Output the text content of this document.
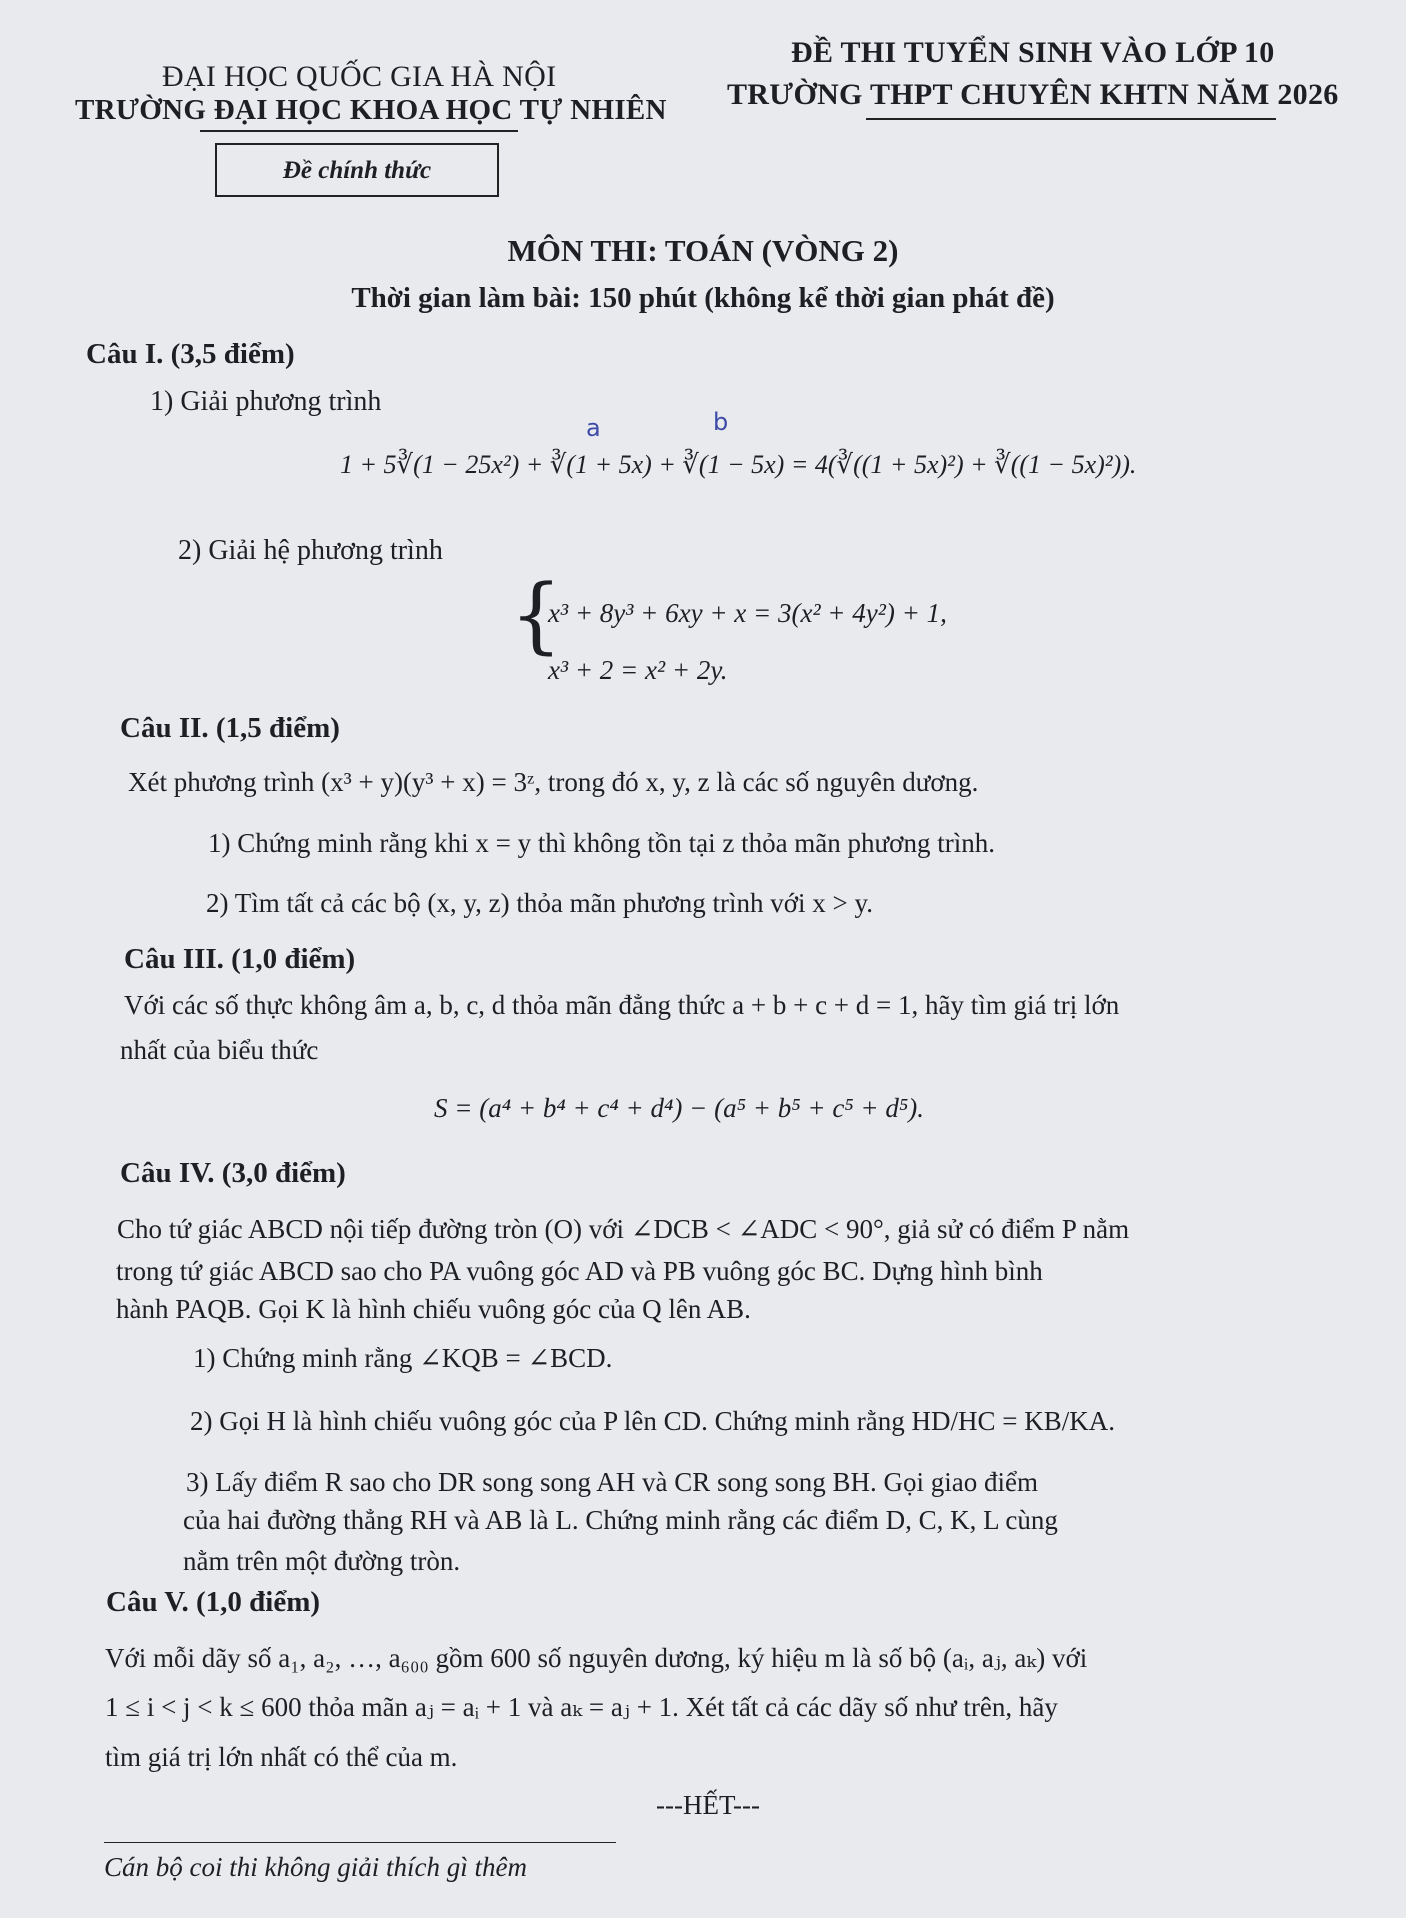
ĐẠI HỌC QUỐC GIA HÀ NỘI
TRƯỜNG ĐẠI HỌC KHOA HỌC TỰ NHIÊN
ĐỀ THI TUYỂN SINH VÀO LỚP 10
TRƯỜNG THPT CHUYÊN KHTN NĂM 2026
Đề chính thức
MÔN THI: TOÁN (VÒNG 2)
Thời gian làm bài: 150 phút (không kể thời gian phát đề)
Câu I. (3,5 điểm)
1) Giải phương trình
a	b
1 + 5∛(1 − 25x²) + ∛(1 + 5x) + ∛(1 − 5x) = 4(∛((1 + 5x)²) + ∛((1 − 5x)²)).
2) Giải hệ phương trình
{
x³ + 8y³ + 6xy + x = 3(x² + 4y²) + 1,
x³ + 2 = x² + 2y.
Câu II. (1,5 điểm)
Xét phương trình (x³ + y)(y³ + x) = 3ᶻ, trong đó x, y, z là các số nguyên dương.
1) Chứng minh rằng khi x = y thì không tồn tại z thỏa mãn phương trình.
2) Tìm tất cả các bộ (x, y, z) thỏa mãn phương trình với x > y.
Câu III. (1,0 điểm)
Với các số thực không âm a, b, c, d thỏa mãn đẳng thức a + b + c + d = 1, hãy tìm giá trị lớn
nhất của biểu thức
S = (a⁴ + b⁴ + c⁴ + d⁴) − (a⁵ + b⁵ + c⁵ + d⁵).
Câu IV. (3,0 điểm)
Cho tứ giác ABCD nội tiếp đường tròn (O) với ∠DCB < ∠ADC < 90°, giả sử có điểm P nằm
trong tứ giác ABCD sao cho PA vuông góc AD và PB vuông góc BC. Dựng hình bình
hành PAQB. Gọi K là hình chiếu vuông góc của Q lên AB.
1) Chứng minh rằng ∠KQB = ∠BCD.
2) Gọi H là hình chiếu vuông góc của P lên CD. Chứng minh rằng HD/HC = KB/KA.
3) Lấy điểm R sao cho DR song song AH và CR song song BH. Gọi giao điểm
của hai đường thẳng RH và AB là L. Chứng minh rằng các điểm D, C, K, L cùng
nằm trên một đường tròn.
Câu V. (1,0 điểm)
Với mỗi dãy số a₁, a₂, …, a₆₀₀ gồm 600 số nguyên dương, ký hiệu m là số bộ (aᵢ, aⱼ, aₖ) với
1 ≤ i < j < k ≤ 600 thỏa mãn aⱼ = aᵢ + 1 và aₖ = aⱼ + 1. Xét tất cả các dãy số như trên, hãy
tìm giá trị lớn nhất có thể của m.
---HẾT---
Cán bộ coi thi không giải thích gì thêm
